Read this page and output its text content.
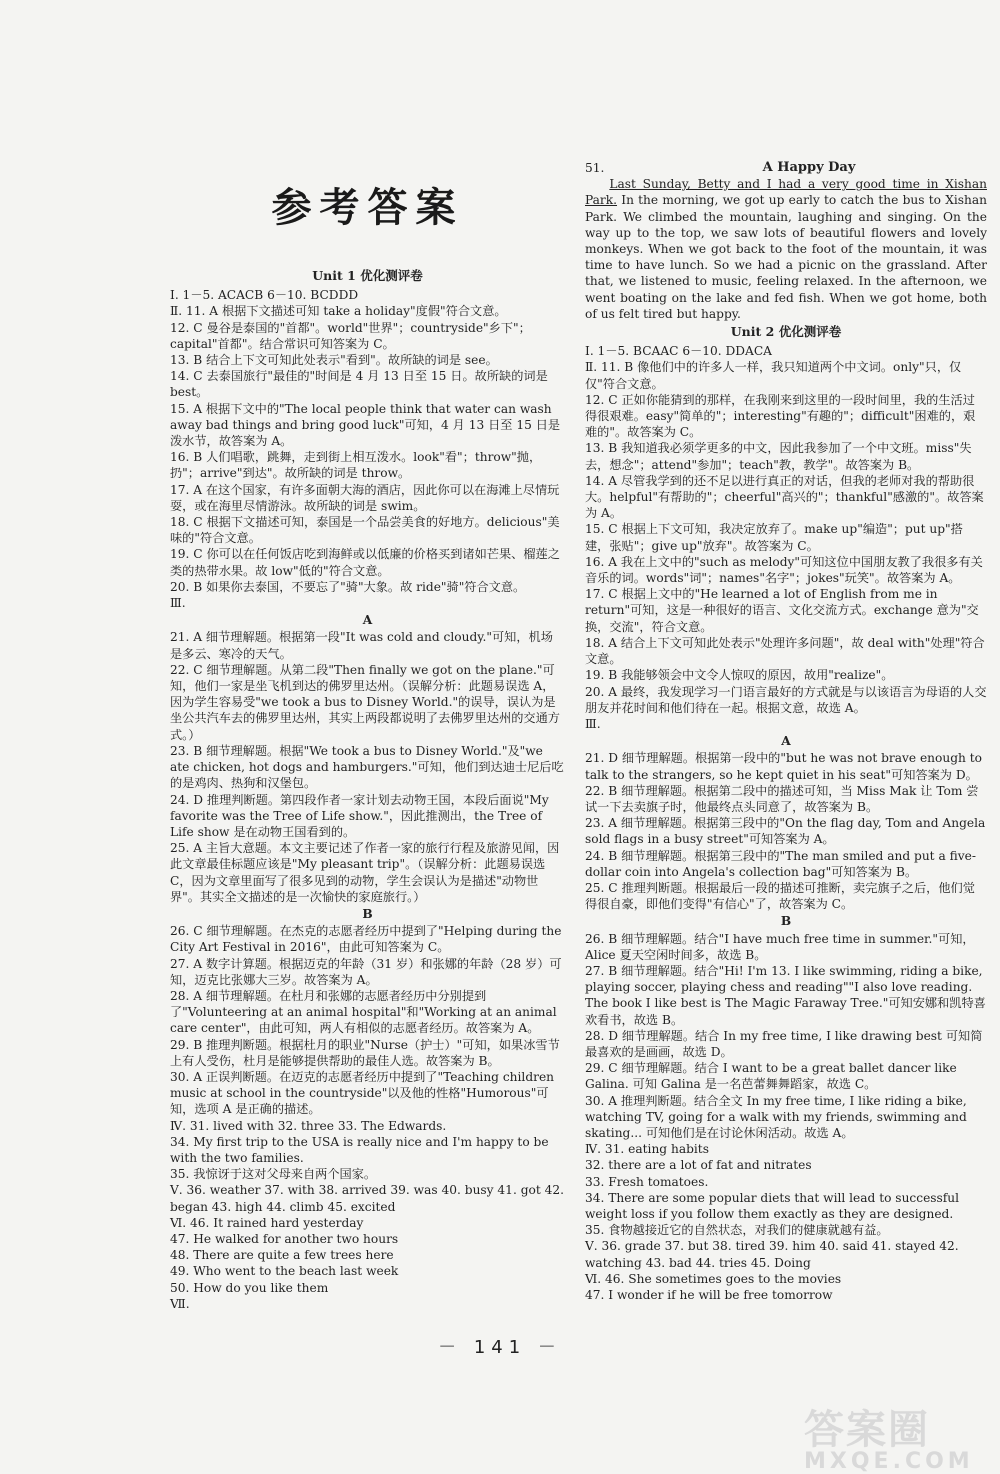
参考答案
Unit 1 优化测评卷
Ⅰ. 1－5. ACACB 6－10. BCDDD
Ⅱ. 11. A 根据下文描述可知 take a holiday"度假"符合文意。
12. C 曼谷是泰国的"首都"。world"世界"；countryside"乡下"；capital"首都"。结合常识可知答案为 C。
13. B 结合上下文可知此处表示"看到"。故所缺的词是 see。
14. C 去泰国旅行"最佳的"时间是 4 月 13 日至 15 日。故所缺的词是 best。
15. A 根据下文中的"The local people think that water can wash away bad things and bring good luck"可知，4 月 13 日至 15 日是泼水节，故答案为 A。
16. B 人们唱歌，跳舞，走到街上相互泼水。look"看"；throw"抛，扔"；arrive"到达"。故所缺的词是 throw。
17. A 在这个国家，有许多面朝大海的酒店，因此你可以在海滩上尽情玩耍，或在海里尽情游泳。故所缺的词是 swim。
18. C 根据下文描述可知，泰国是一个品尝美食的好地方。delicious"美味的"符合文意。
19. C 你可以在任何饭店吃到海鲜或以低廉的价格买到诸如芒果、榴莲之类的热带水果。故 low"低的"符合文意。
20. B 如果你去泰国，不要忘了"骑"大象。故 ride"骑"符合文意。
Ⅲ.
A
21. A 细节理解题。根据第一段"It was cold and cloudy."可知，机场是多云、寒冷的天气。
22. C 细节理解题。从第二段"Then finally we got on the plane."可知，他们一家是坐飞机到达的佛罗里达州。（误解分析：此题易误选 A，因为学生容易受"we took a bus to Disney World."的误导，误认为是坐公共汽车去的佛罗里达州，其实上两段都说明了去佛罗里达州的交通方式。）
23. B 细节理解题。根据"We took a bus to Disney World."及"we ate chicken, hot dogs and hamburgers."可知，他们到达迪士尼后吃的是鸡肉、热狗和汉堡包。
24. D 推理判断题。第四段作者一家计划去动物王国，本段后面说"My favorite was the Tree of Life show."，因此推测出，the Tree of Life show 是在动物王国看到的。
25. A 主旨大意题。本文主要记述了作者一家的旅行行程及旅游见闻，因此文章最佳标题应该是"My pleasant trip"。（误解分析：此题易误选 C，因为文章里面写了很多见到的动物，学生会误认为是描述"动物世界"。其实全文描述的是一次愉快的家庭旅行。）
B
26. C 细节理解题。在杰克的志愿者经历中提到了"Helping during the City Art Festival in 2016"，由此可知答案为 C。
27. A 数字计算题。根据迈克的年龄（31 岁）和张娜的年龄（28 岁）可知，迈克比张娜大三岁。故答案为 A。
28. A 细节理解题。在杜月和张娜的志愿者经历中分别提到了"Volunteering at an animal hospital"和"Working at an animal care center"，由此可知，两人有相似的志愿者经历。故答案为 A。
29. B 推理判断题。根据杜月的职业"Nurse（护士）"可知，如果冰雪节上有人受伤，杜月是能够提供帮助的最佳人选。故答案为 B。
30. A 正误判断题。在迈克的志愿者经历中提到了"Teaching children music at school in the countryside"以及他的性格"Humorous"可知，选项 A 是正确的描述。
Ⅳ. 31. lived with 32. three 33. The Edwards.
34. My first trip to the USA is really nice and I'm happy to be with the two families.
35. 我惊讶于这对父母来自两个国家。
Ⅴ. 36. weather 37. with 38. arrived 39. was 40. busy 41. got 42. began 43. high 44. climb 45. excited
Ⅵ. 46. It rained hard yesterday
47. He walked for another two hours
48. There are quite a few trees here
49. Who went to the beach last week
50. How do you like them
Ⅶ.
51.	A Happy Day
  Last Sunday, Betty and I had a very good time in Xishan Park. In the morning, we got up early to catch the bus to Xishan Park. We climbed the mountain, laughing and singing. On the way up to the top, we saw lots of beautiful flowers and lovely monkeys. When we got back to the foot of the mountain, it was time to have lunch. So we had a picnic on the grassland. After that, we listened to music, feeling relaxed. In the afternoon, we went boating on the lake and fed fish. When we got home, both of us felt tired but happy.
Unit 2 优化测评卷
Ⅰ. 1－5. BCAAC 6－10. DDACA
Ⅱ. 11. B 像他们中的许多人一样，我只知道两个中文词。only"只，仅仅"符合文意。
12. C 正如你能猜到的那样，在我刚来到这里的一段时间里，我的生活过得很艰难。easy"简单的"；interesting"有趣的"；difficult"困难的，艰难的"。故答案为 C。
13. B 我知道我必须学更多的中文，因此我参加了一个中文班。miss"失去，想念"；attend"参加"；teach"教，教学"。故答案为 B。
14. A 尽管我学到的还不足以进行真正的对话，但我的老师对我的帮助很大。helpful"有帮助的"；cheerful"高兴的"；thankful"感激的"。故答案为 A。
15. C 根据上下文可知，我决定放弃了。make up"编造"；put up"搭建，张贴"；give up"放弃"。故答案为 C。
16. A 我在上文中的"such as melody"可知这位中国朋友教了我很多有关音乐的词。words"词"；names"名字"；jokes"玩笑"。故答案为 A。
17. C 根据上文中的"He learned a lot of English from me in return"可知，这是一种很好的语言、文化交流方式。exchange 意为"交换，交流"，符合文意。
18. A 结合上下文可知此处表示"处理许多问题"，故 deal with"处理"符合文意。
19. B 我能够领会中文令人惊叹的原因，故用"realize"。
20. A 最终，我发现学习一门语言最好的方式就是与以该语言为母语的人交朋友并花时间和他们待在一起。根据文意，故选 A。
Ⅲ.
A
21. D 细节理解题。根据第一段中的"but he was not brave enough to talk to the strangers, so he kept quiet in his seat"可知答案为 D。
22. B 细节理解题。根据第二段中的描述可知，当 Miss Mak 让 Tom 尝试一下去卖旗子时，他最终点头同意了，故答案为 B。
23. A 细节理解题。根据第三段中的"On the flag day, Tom and Angela sold flags in a busy street"可知答案为 A。
24. B 细节理解题。根据第三段中的"The man smiled and put a five-dollar coin into Angela's collection bag"可知答案为 B。
25. C 推理判断题。根据最后一段的描述可推断，卖完旗子之后，他们觉得很自豪，即他们变得"有信心"了，故答案为 C。
B
26. B 细节理解题。结合"I have much free time in summer."可知，Alice 夏天空闲时间多，故选 B。
27. B 细节理解题。结合"Hi! I'm 13. I like swimming, riding a bike, playing soccer, playing chess and reading""I also love reading. The book I like best is The Magic Faraway Tree."可知安娜和凯特喜欢看书，故选 B。
28. D 细节理解题。结合 In my free time, I like drawing best 可知简最喜欢的是画画，故选 D。
29. C 细节理解题。结合 I want to be a great ballet dancer like Galina. 可知 Galina 是一名芭蕾舞舞蹈家，故选 C。
30. A 推理判断题。结合全文 In my free time, I like riding a bike, watching TV, going for a walk with my friends, swimming and skating... 可知他们是在讨论休闲活动。故选 A。
Ⅳ. 31. eating habits
32. there are a lot of fat and nitrates
33. Fresh tomatoes.
34. There are some popular diets that will lead to successful weight loss if you follow them exactly as they are designed.
35. 食物越接近它的自然状态，对我们的健康就越有益。
Ⅴ. 36. grade 37. but 38. tired 39. him 40. said 41. stayed 42. watching 43. bad 44. tries 45. Doing
Ⅵ. 46. She sometimes goes to the movies
47. I wonder if he will be free tomorrow
－ 141 －
答案圈
MXQE.COM
